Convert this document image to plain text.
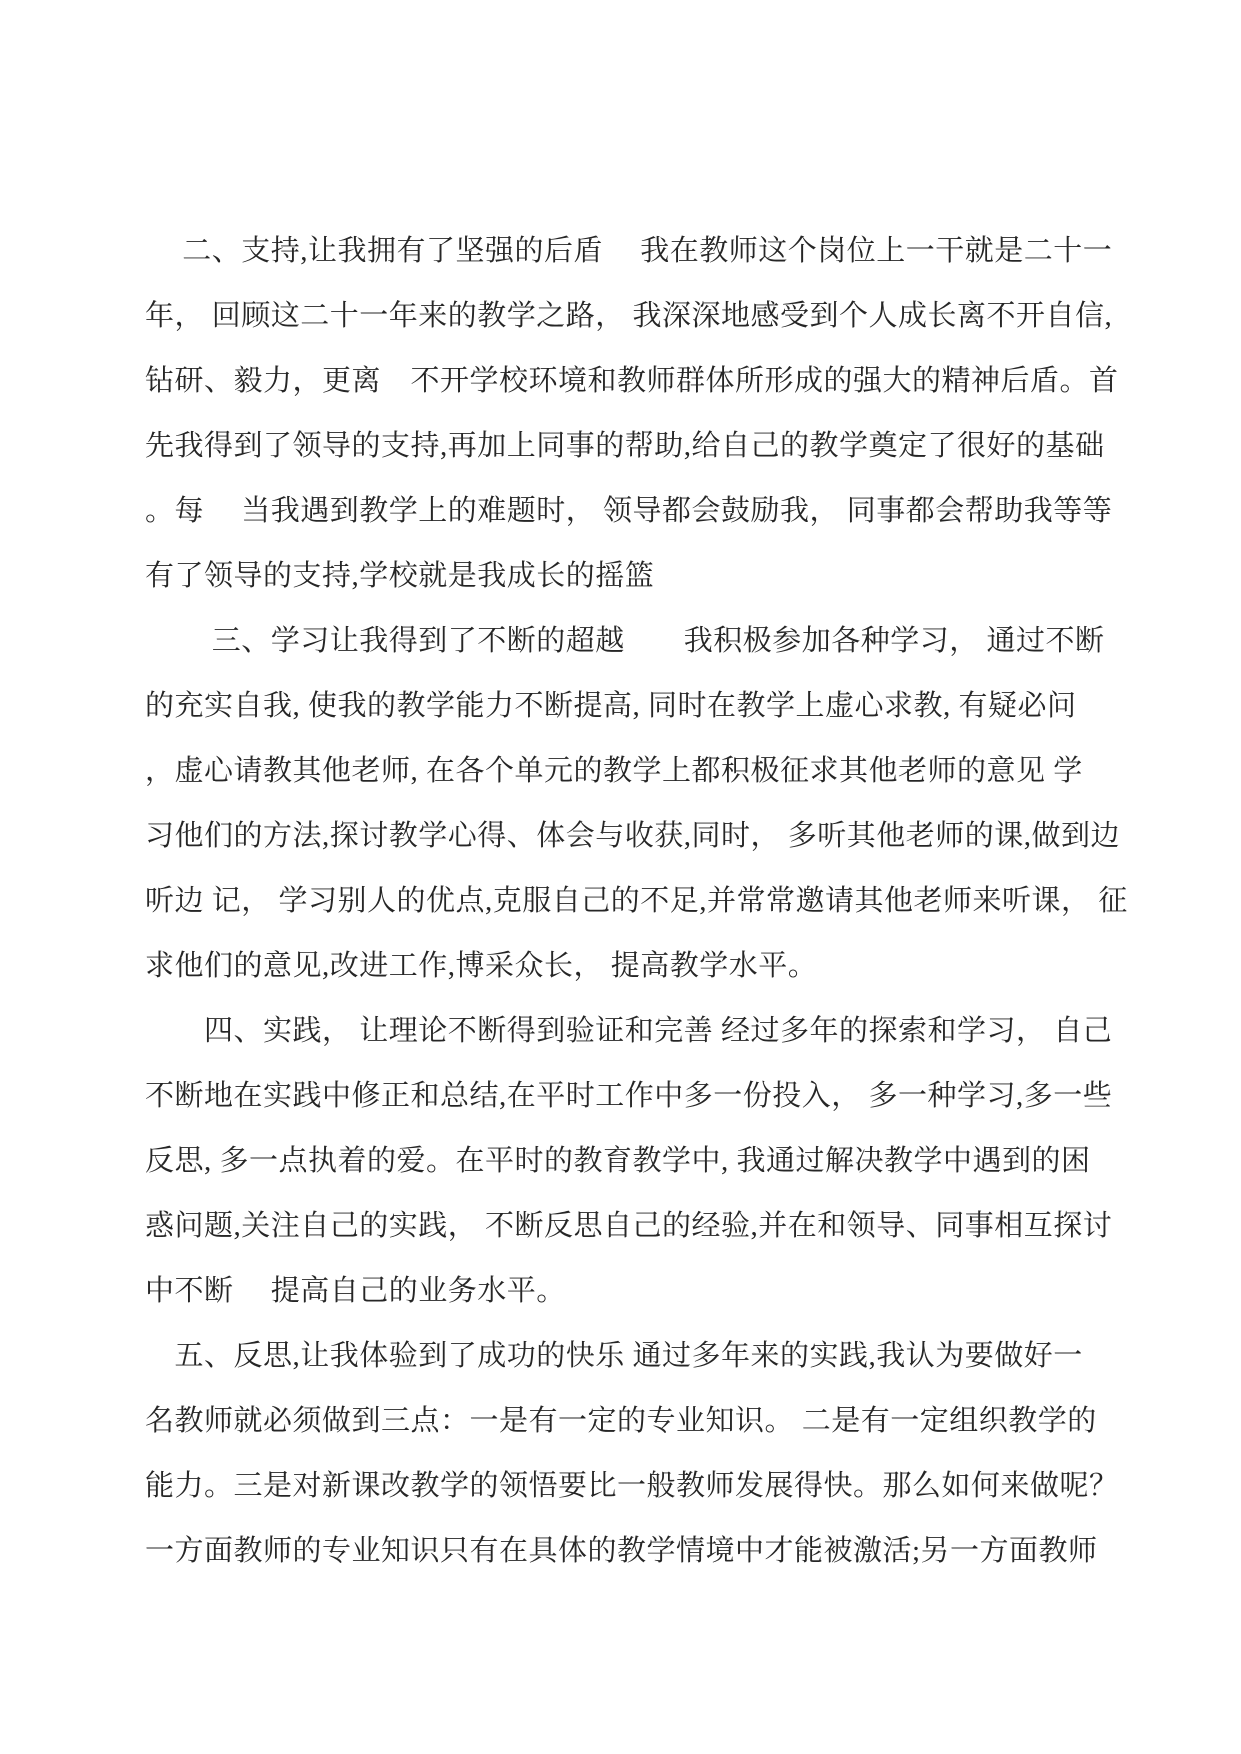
　 二、支持,让我拥有了坚强的后盾　 我在教师这个岗位上一干就是二十一
年， 回顾这二十一年来的教学之路， 我深深地感受到个人成长离不开自信,
钻研、毅力，更离　不开学校环境和教师群体所形成的强大的精神后盾。首
先我得到了领导的支持,再加上同事的帮助,给自己的教学奠定了很好的基础
。每　 当我遇到教学上的难题时， 领导都会鼓励我， 同事都会帮助我等等
有了领导的支持,学校就是我成长的摇篮
　　 三、学习让我得到了不断的超越　　我积极参加各种学习， 通过不断
的充实自我, 使我的教学能力不断提高, 同时在教学上虚心求教, 有疑必问
，虚心请教其他老师, 在各个单元的教学上都积极征求其他老师的意见 学
习他们的方法,探讨教学心得、体会与收获,同时， 多听其他老师的课,做到边
听边 记， 学习别人的优点,克服自己的不足,并常常邀请其他老师来听课， 征
求他们的意见,改进工作,博采众长， 提高教学水平。
　　四、实践， 让理论不断得到验证和完善 经过多年的探索和学习， 自己
不断地在实践中修正和总结,在平时工作中多一份投入， 多一种学习,多一些
反思, 多一点执着的爱。在平时的教育教学中, 我通过解决教学中遇到的困
惑问题,关注自己的实践， 不断反思自己的经验,并在和领导、同事相互探讨
中不断　 提高自己的业务水平。
　五、反思,让我体验到了成功的快乐 通过多年来的实践,我认为要做好一
名教师就必须做到三点：一是有一定的专业知识。 二是有一定组织教学的
能力。三是对新课改教学的领悟要比一般教师发展得快。那么如何来做呢？
一方面教师的专业知识只有在具体的教学情境中才能被激活;另一方面教师
